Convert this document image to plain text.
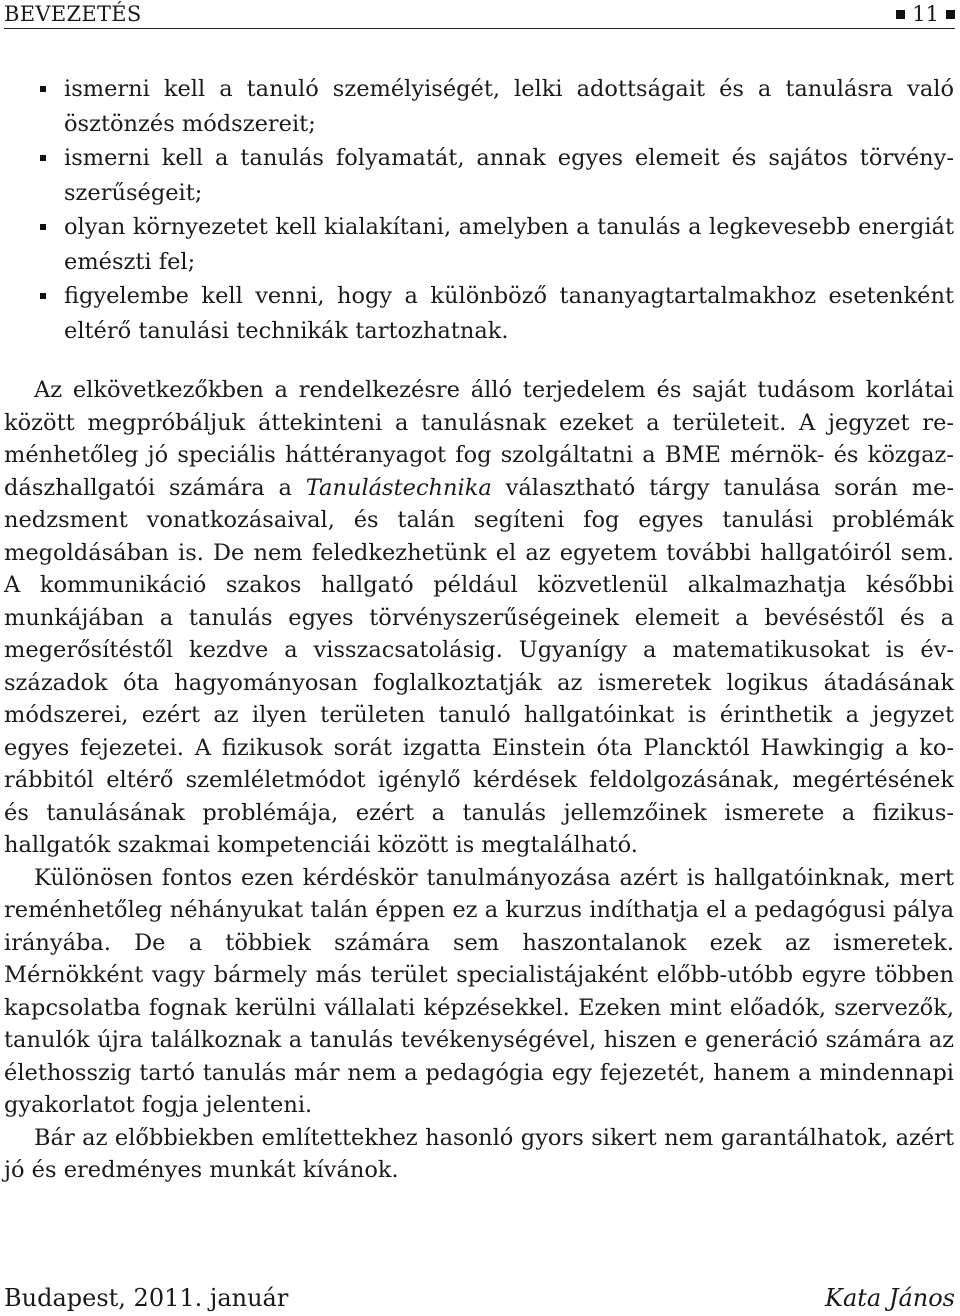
BEVEZETÉS	11
ismerni kell a tanuló személyiségét, lelki adottságait és a tanulásra való ösztönzés módszereit;
ismerni kell a tanulás folyamatát, annak egyes elemeit és sajátos törvényszerűségeit;
olyan környezetet kell kialakítani, amelyben a tanulás a legkevesebb energiát emészti fel;
figyelembe kell venni, hogy a különböző tananyagtartalmakhoz esetenként eltérő tanulási technikák tartozhatnak.

Az elkövetkezőkben a rendelkezésre álló terjedelem és saját tudásom korlátai között megpróbáljuk áttekinteni a tanulásnak ezeket a területeit. A jegyzet reménhetőleg jó speciális háttéranyagot fog szolgáltatni a BME mérnök- és közgazdászhallgatói számára a Tanulástechnika választható tárgy tanulása során menedzsment vonatkozásaival, és talán segíteni fog egyes tanulási problémák megoldásában is. De nem feledkezhetünk el az egyetem további hallgatóiról sem. A kommunikáció szakos hallgató például közvetlenül alkalmazhatja későbbi munkájában a tanulás egyes törvényszerűségeinek elemeit a bevéséstől és a megerősítéstől kezdve a visszacsatolásig. Ugyanígy a matematikusokat is évszázadok óta hagyományosan foglalkoztatják az ismeretek logikus átadásának módszerei, ezért az ilyen területen tanuló hallgatóinkat is érinthetik a jegyzet egyes fejezetei. A fizikusok sorát izgatta Einstein óta Plancktól Hawkingig a korábbitól eltérő szemléletmódot igénylő kérdések feldolgozásának, megértésének és tanulásának problémája, ezért a tanulás jellemzőinek ismerete a fizikushallgatók szakmai kompetenciái között is megtalálható.

Különösen fontos ezen kérdéskör tanulmányozása azért is hallgatóinknak, mert reménhetőleg néhányukat talán éppen ez a kurzus indíthatja el a pedagógusi pálya irányába. De a többiek számára sem haszontalanok ezek az ismeretek. Mérnökként vagy bármely más terület specialistájaként előbb-utóbb egyre többen kapcsolatba fognak kerülni vállalati képzésekkel. Ezeken mint előadók, szervezők, tanulók újra találkoznak a tanulás tevékenységével, hiszen e generáció számára az élethosszig tartó tanulás már nem a pedagógia egy fejezetét, hanem a mindennapi gyakorlatot fogja jelenteni.

Bár az előbbiekben említettekhez hasonló gyors sikert nem garantálhatok, azért jó és eredményes munkát kívánok.

Budapest, 2011. január	Kata János
